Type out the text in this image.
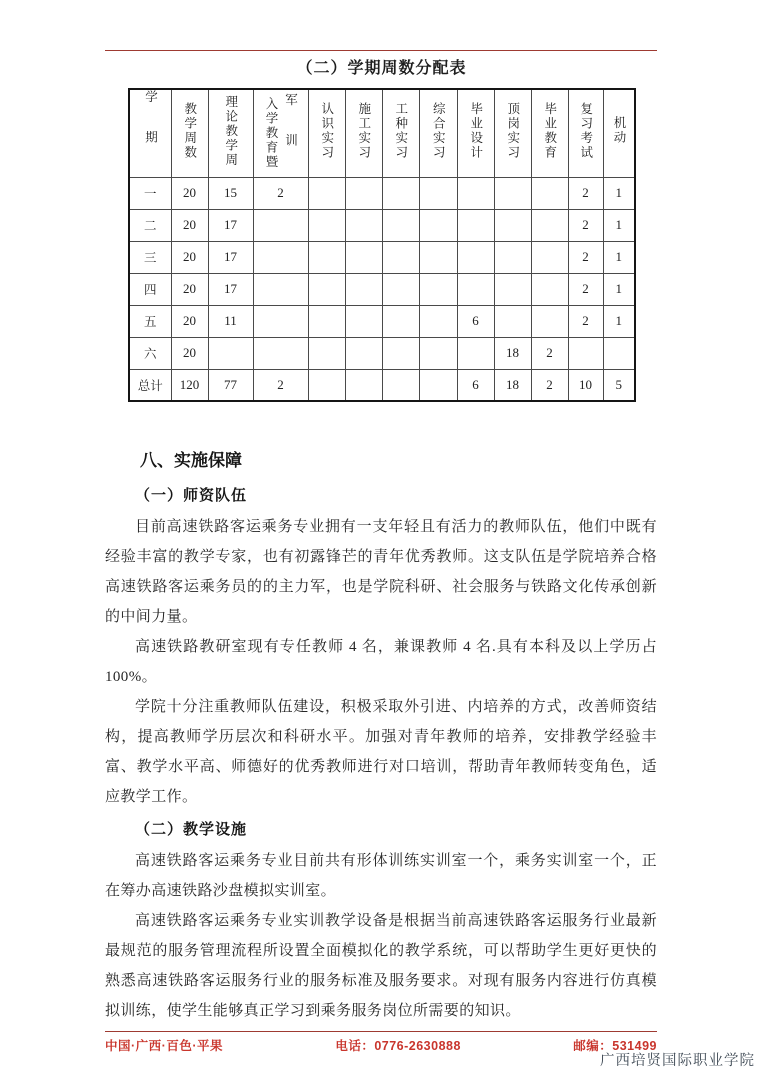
（二）学期周数分配表
学期	教学周数	理论教学周	入学教育暨 军训	认识实习	施工实习	工种实习	综合实习	毕业设计	顶岗实习	毕业教育	复习考试	机动
一	20	15	2								2	1
二	20	17									2	1
三	20	17									2	1
四	20	17									2	1
五	20	11						6			2	1
六	20								18	2		
总计	120	77	2					6	18	2	10	5
八、实施保障
（一）师资队伍

目前高速铁路客运乘务专业拥有一支年轻且有活力的教师队伍，他们中既有经验丰富的教学专家，也有初露锋芒的青年优秀教师。这支队伍是学院培养合格高速铁路客运乘务员的的主力军，也是学院科研、社会服务与铁路文化传承创新的中间力量。

高速铁路教研室现有专任教师 4 名，兼课教师 4 名.具有本科及以上学历占100%。

学院十分注重教师队伍建设，积极采取外引进、内培养的方式，改善师资结构，提高教师学历层次和科研水平。加强对青年教师的培养，安排教学经验丰富、教学水平高、师德好的优秀教师进行对口培训，帮助青年教师转变角色，适应教学工作。

（二）教学设施

高速铁路客运乘务专业目前共有形体训练实训室一个，乘务实训室一个，正在筹办高速铁路沙盘模拟实训室。

高速铁路客运乘务专业实训教学设备是根据当前高速铁路客运服务行业最新最规范的服务管理流程所设置全面模拟化的教学系统，可以帮助学生更好更快的熟悉高速铁路客运服务行业的服务标准及服务要求。对现有服务内容进行仿真模拟训练，使学生能够真正学习到乘务服务岗位所需要的知识。

中国·广西·百色·平果	电话：0776-2630888	邮编：531499
广西培贤国际职业学院
